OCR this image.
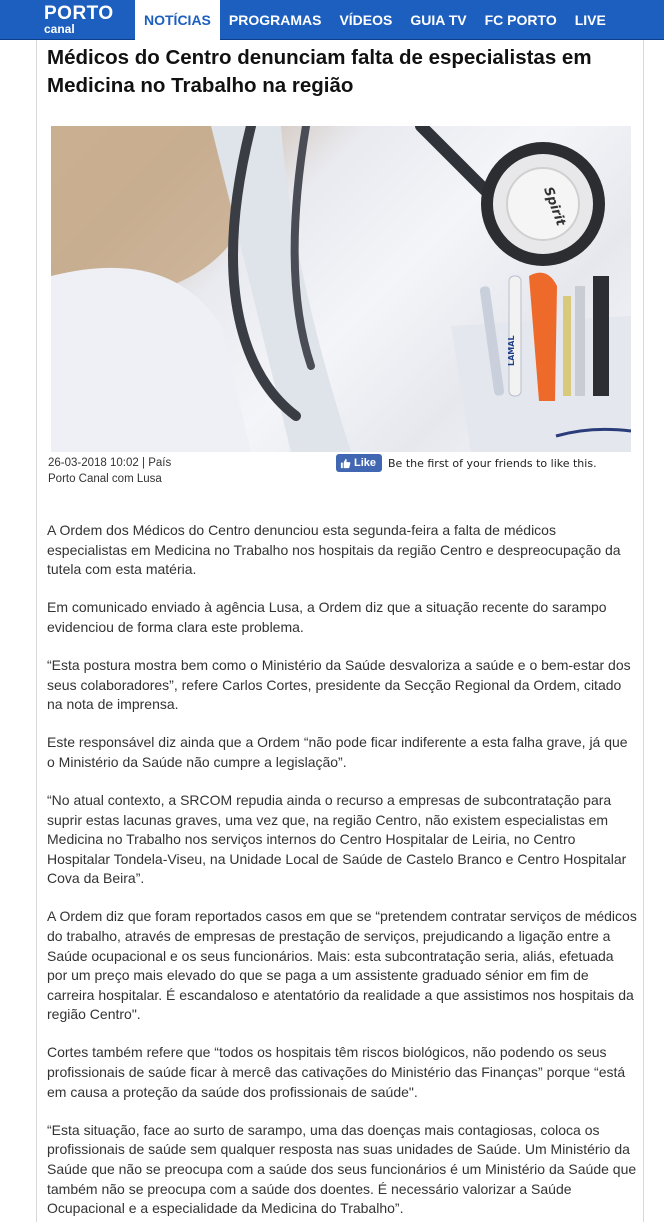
PORTO
canal
NOTÍCIAS	PROGRAMAS	VÍDEOS	GUIA TV	FC PORTO	LIVE
Médicos do Centro denunciam falta de especialistas em Medicina no Trabalho na região
Spirit
LAMAL
26-03-2018 10:02 | País
Porto Canal com Lusa
Like Be the first of your friends to like this.

A Ordem dos Médicos do Centro denunciou esta segunda-feira a falta de médicos especialistas em Medicina no Trabalho nos hospitais da região Centro e despreocupação da tutela com esta matéria.

Em comunicado enviado à agência Lusa, a Ordem diz que a situação recente do sarampo evidenciou de forma clara este problema.

“Esta postura mostra bem como o Ministério da Saúde desvaloriza a saúde e o bem-estar dos seus colaboradores”, refere Carlos Cortes, presidente da Secção Regional da Ordem, citado na nota de imprensa.

Este responsável diz ainda que a Ordem “não pode ficar indiferente a esta falha grave, já que o Ministério da Saúde não cumpre a legislação”.

“No atual contexto, a SRCOM repudia ainda o recurso a empresas de subcontratação para suprir estas lacunas graves, uma vez que, na região Centro, não existem especialistas em Medicina no Trabalho nos serviços internos do Centro Hospitalar de Leiria, no Centro Hospitalar Tondela-Viseu, na Unidade Local de Saúde de Castelo Branco e Centro Hospitalar Cova da Beira”.

A Ordem diz que foram reportados casos em que se “pretendem contratar serviços de médicos do trabalho, através de empresas de prestação de serviços, prejudicando a ligação entre a Saúde ocupacional e os seus funcionários. Mais: esta subcontratação seria, aliás, efetuada por um preço mais elevado do que se paga a um assistente graduado sénior em fim de carreira hospitalar. É escandaloso e atentatório da realidade a que assistimos nos hospitais da região Centro".

Cortes também refere que “todos os hospitais têm riscos biológicos, não podendo os seus profissionais de saúde ficar à mercê das cativações do Ministério das Finanças” porque “está em causa a proteção da saúde dos profissionais de saúde".

“Esta situação, face ao surto de sarampo, uma das doenças mais contagiosas, coloca os profissionais de saúde sem qualquer resposta nas suas unidades de Saúde. Um Ministério da Saúde que não se preocupa com a saúde dos seus funcionários é um Ministério da Saúde que também não se preocupa com a saúde dos doentes. É necessário valorizar a Saúde Ocupacional e a especialidade da Medicina do Trabalho”.
